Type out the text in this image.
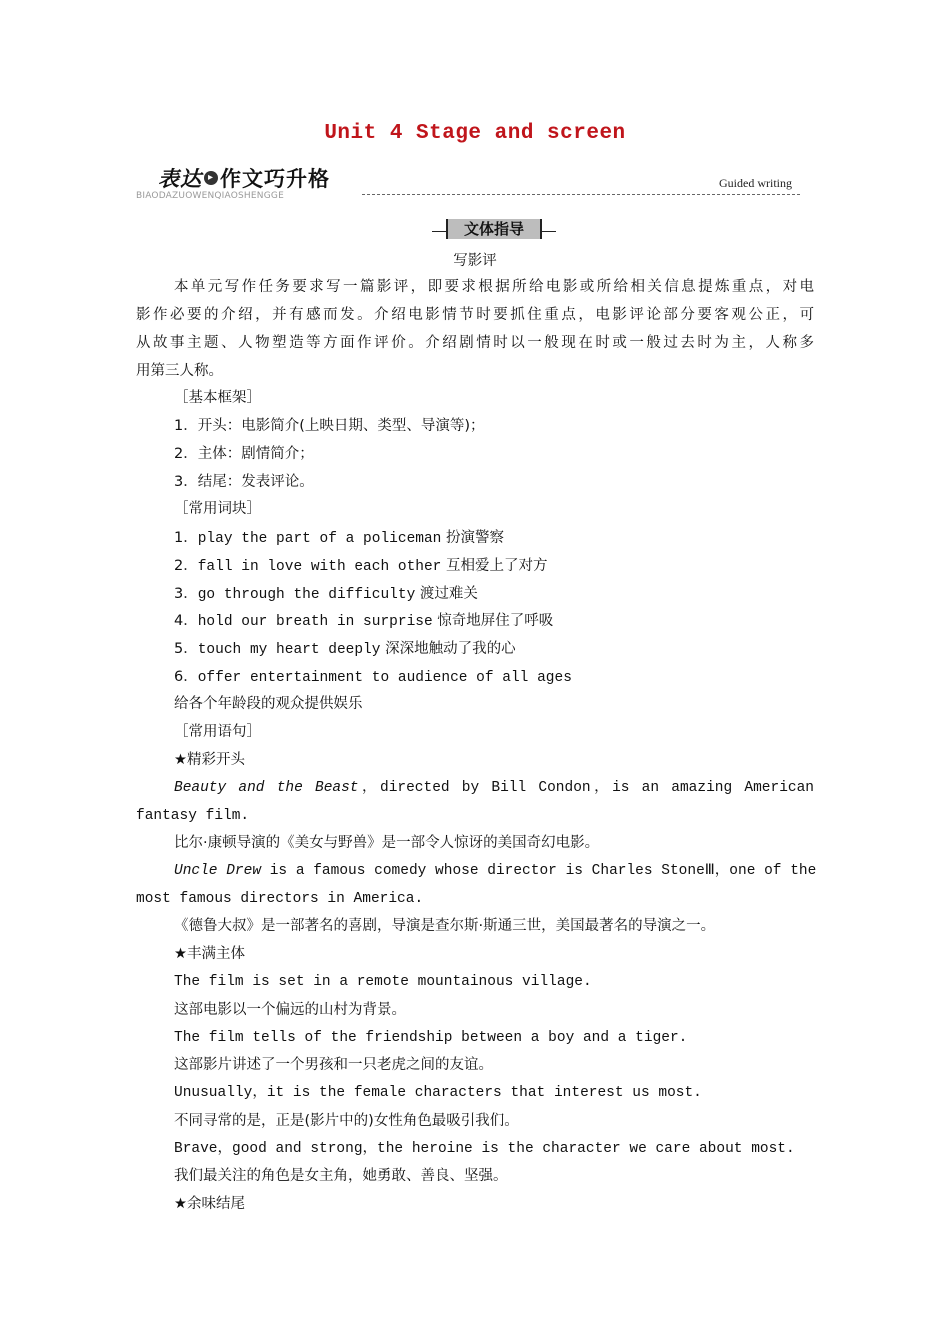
Unit 4 Stage and screen
表达 ▸ 作文巧升格
BIAODAZUOWENQIAOSHENGGE
Guided writing
文体指导
写影评
本单元写作任务要求写一篇影评，即要求根据所给电影或所给相关信息提炼重点，对电
影作必要的介绍，并有感而发。介绍电影情节时要抓住重点，电影评论部分要客观公正，可
从故事主题、人物塑造等方面作评价。介绍剧情时以一般现在时或一般过去时为主，人称多
用第三人称。
［基本框架］
1．开头：电影简介(上映日期、类型、导演等)；
2．主体：剧情简介；
3．结尾：发表评论。
［常用词块］
1．play the part of a policeman 扮演警察
2．fall in love with each other 互相爱上了对方
3．go through the difficulty 渡过难关
4．hold our breath in surprise 惊奇地屏住了呼吸
5．touch my heart deeply 深深地触动了我的心
6．offer entertainment to audience of all ages
给各个年龄段的观众提供娱乐
［常用语句］
★精彩开头
Beauty and the Beast，directed by Bill Condon，is an amazing American
fantasy film.
比尔·康顿导演的《美女与野兽》是一部令人惊讶的美国奇幻电影。
Uncle Drew is a famous comedy whose director is Charles StoneⅢ，one of the
most famous directors in America.
《德鲁大叔》是一部著名的喜剧，导演是查尔斯·斯通三世，美国最著名的导演之一。
★丰满主体
The film is set in a remote mountainous village.
这部电影以一个偏远的山村为背景。
The film tells of the friendship between a boy and a tiger.
这部影片讲述了一个男孩和一只老虎之间的友谊。
Unusually，it is the female characters that interest us most.
不同寻常的是，正是(影片中的)女性角色最吸引我们。
Brave，good and strong，the heroine is the character we care about most.
我们最关注的角色是女主角，她勇敢、善良、坚强。
★余味结尾
